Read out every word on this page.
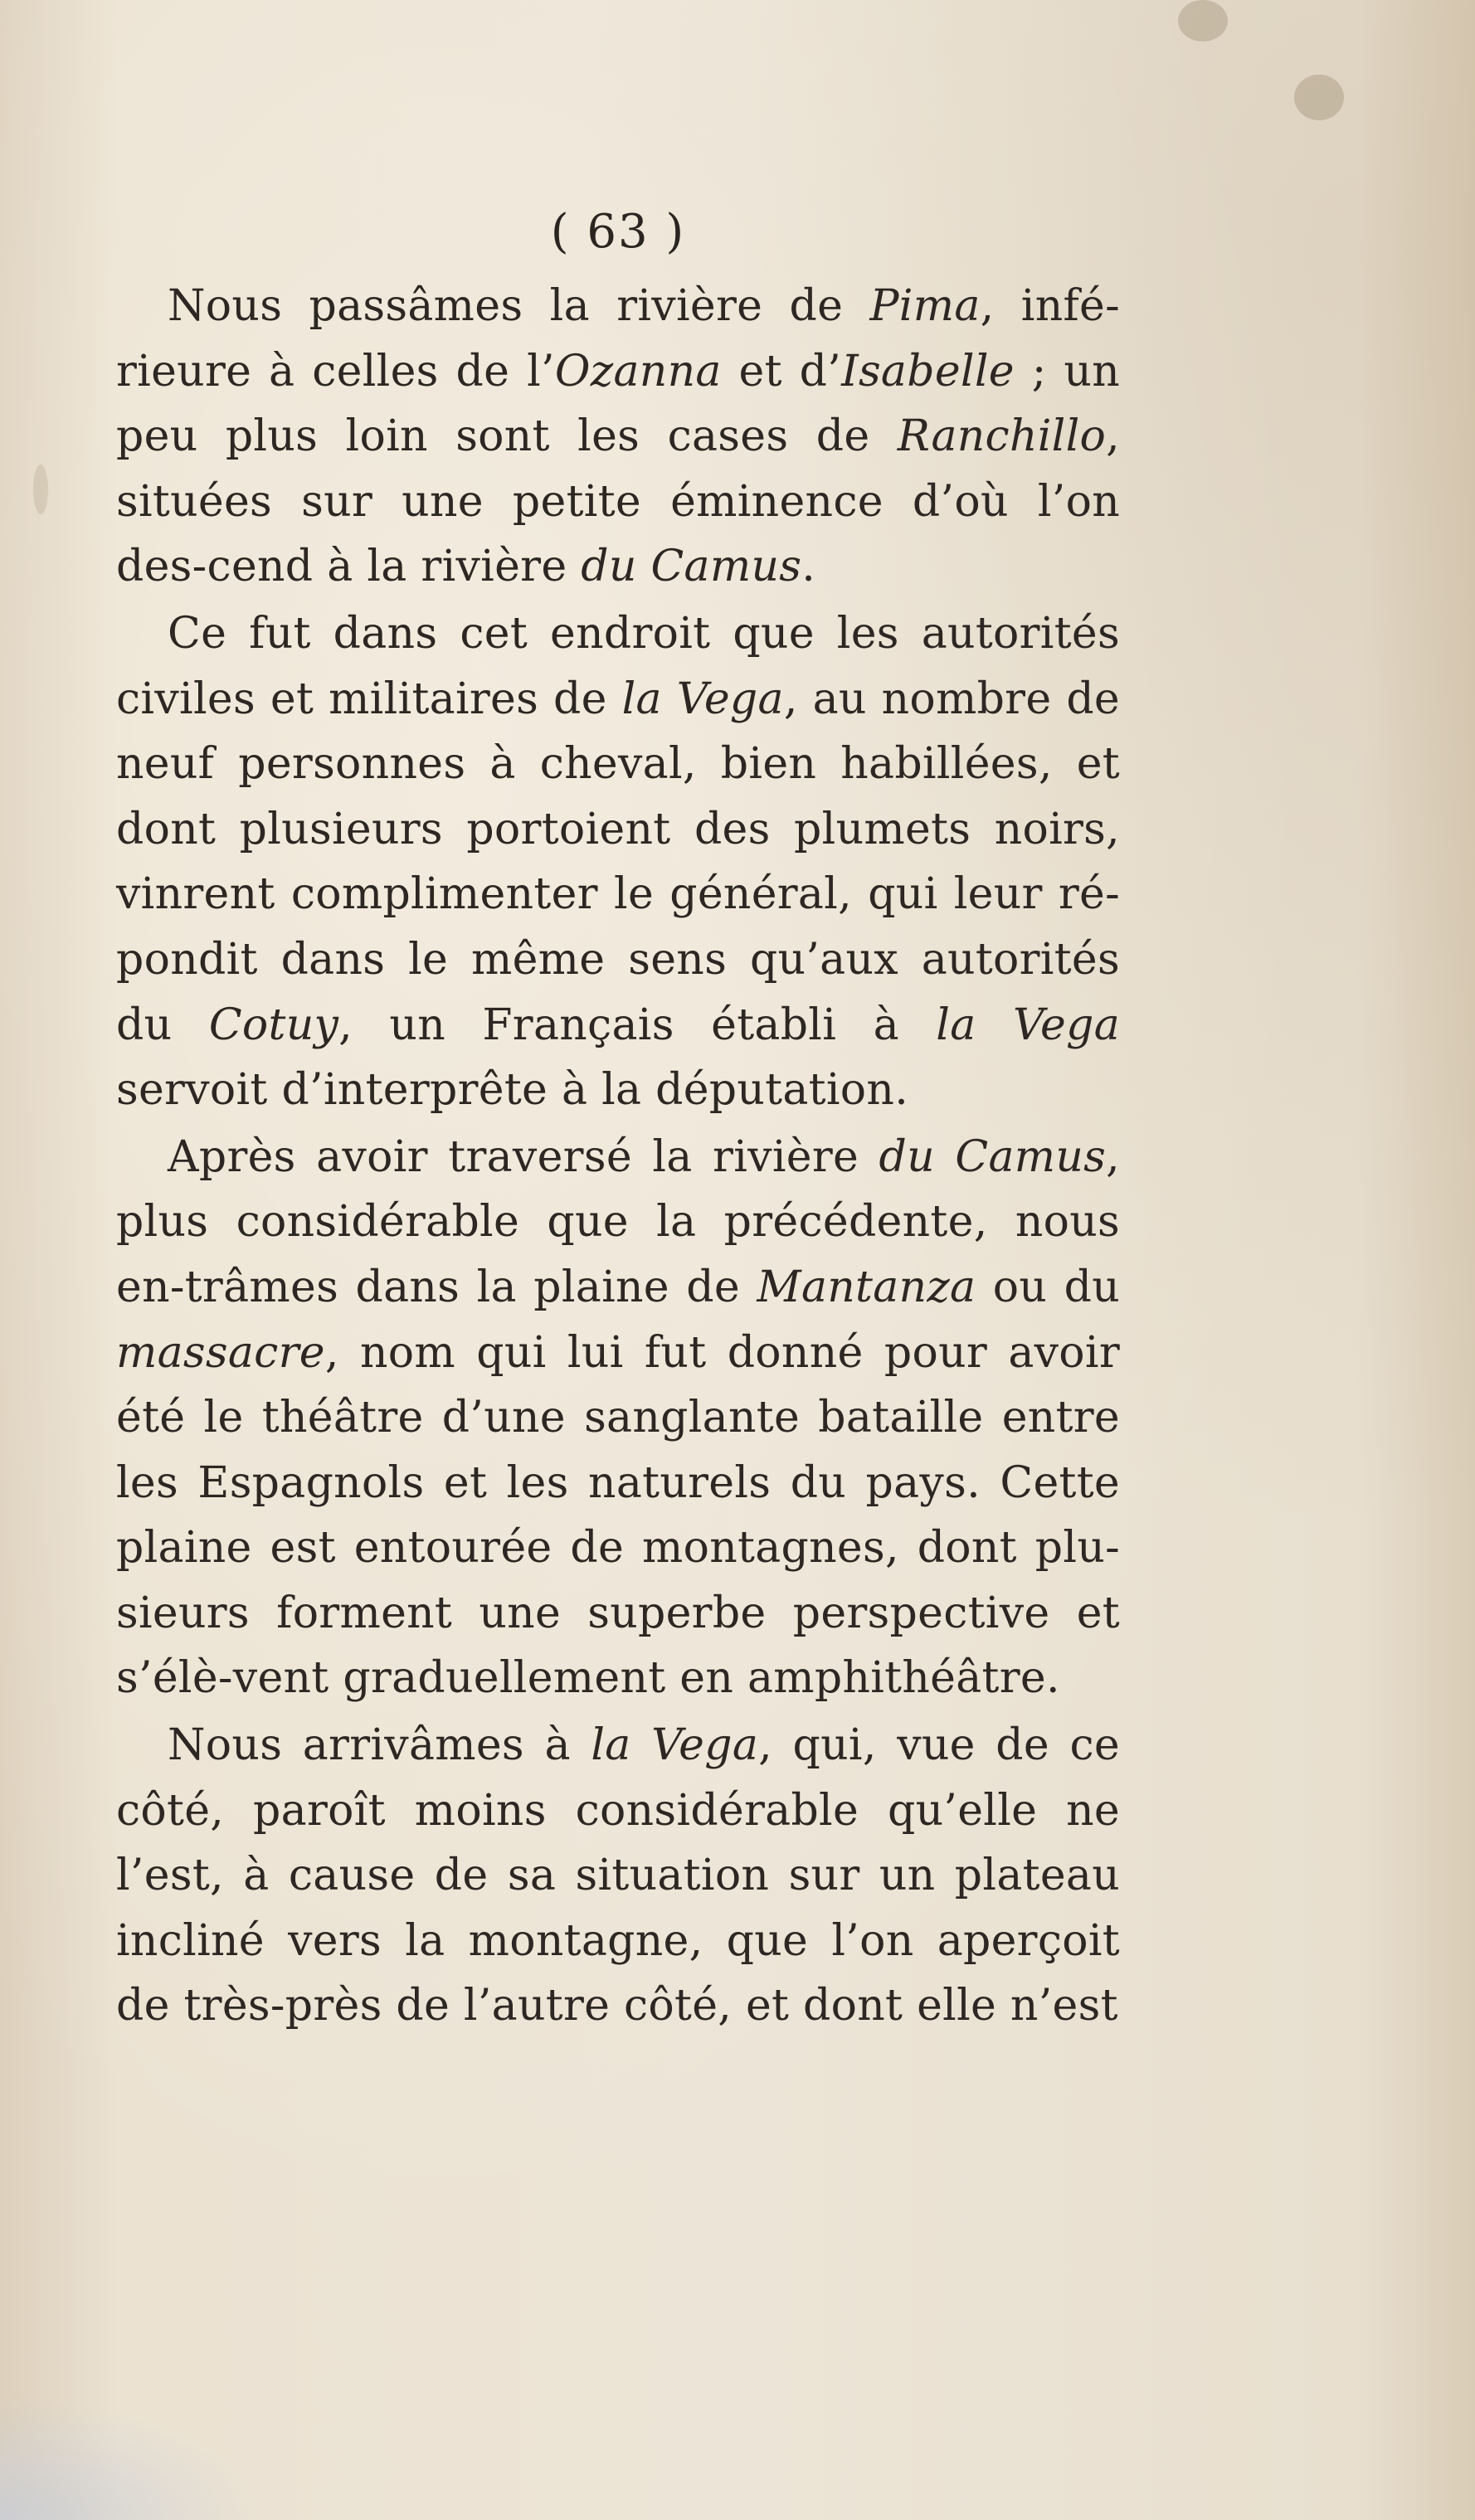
( 63 )

Nous passâmes la rivière de Pima, infé-rieure à celles de l’Ozanna et d’Isabelle ; un peu plus loin sont les cases de Ranchillo, situées sur une petite éminence d’où l’on des-cend à la rivière du Camus.

Ce fut dans cet endroit que les autorités civiles et militaires de la Vega, au nombre de neuf personnes à cheval, bien habillées, et dont plusieurs portoient des plumets noirs, vinrent complimenter le général, qui leur ré-pondit dans le même sens qu’aux autorités du Cotuy, un Français établi à la Vega servoit d’interprête à la députation.

Après avoir traversé la rivière du Camus, plus considérable que la précédente, nous en-trâmes dans la plaine de Mantanza ou du massacre, nom qui lui fut donné pour avoir été le théâtre d’une sanglante bataille entre les Espagnols et les naturels du pays. Cette plaine est entourée de montagnes, dont plu-sieurs forment une superbe perspective et s’élè-vent graduellement en amphithéâtre.

Nous arrivâmes à la Vega, qui, vue de ce côté, paroît moins considérable qu’elle ne l’est, à cause de sa situation sur un plateau incliné vers la montagne, que l’on aperçoit de très-près de l’autre côté, et dont elle n’est
